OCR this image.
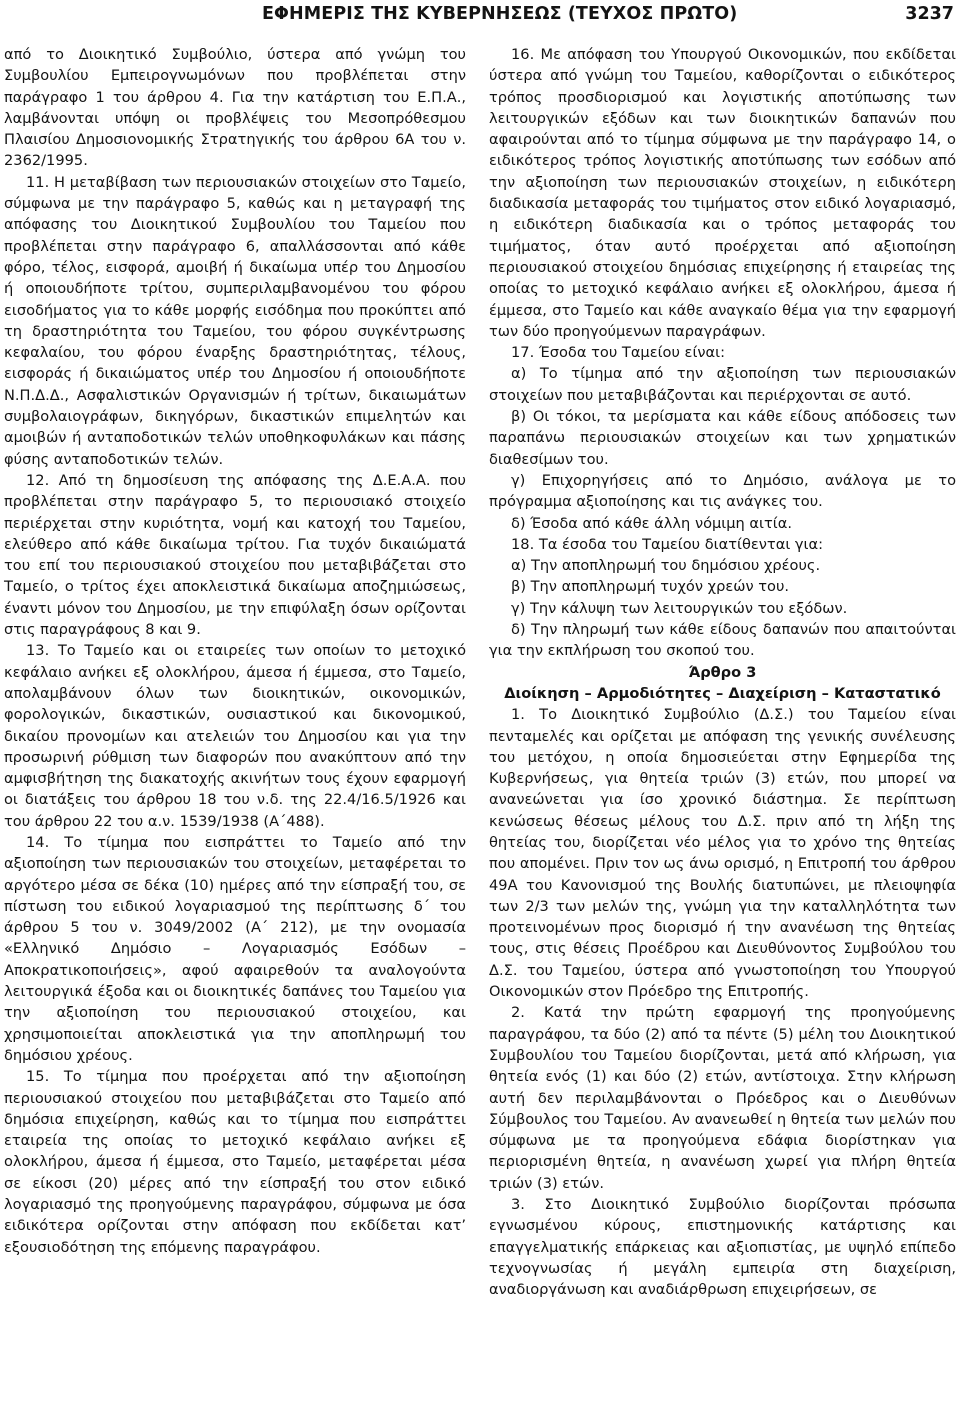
ΕΦΗΜΕΡΙΣ ΤΗΣ ΚΥΒΕΡΝΗΣΕΩΣ (ΤΕΥΧΟΣ ΠΡΩΤΟ)	3237

από το Διοικητικό Συμβούλιο, ύστερα από γνώμη του Συμβουλίου Εμπειρογνωμόνων που προβλέπεται στην παράγραφο 1 του άρθρου 4. Για την κατάρτιση του Ε.Π.Α., λαμβάνονται υπόψη οι προβλέψεις του Μεσοπρόθεσμου Πλαισίου Δημοσιονομικής Στρατηγικής του άρθρου 6Α του ν. 2362/1995.

11. Η μεταβίβαση των περιουσιακών στοιχείων στο Ταμείο, σύμφωνα με την παράγραφο 5, καθώς και η μεταγραφή της απόφασης του Διοικητικού Συμβουλίου του Ταμείου που προβλέπεται στην παράγραφο 6, απαλλάσσονται από κάθε φόρο, τέλος, εισφορά, αμοιβή ή δικαίωμα υπέρ του Δημοσίου ή οποιουδήποτε τρίτου, συμπεριλαμβανομένου του φόρου εισοδήματος για το κάθε μορφής εισόδημα που προκύπτει από τη δραστηριότητα του Ταμείου, του φόρου συγκέντρωσης κεφαλαίου, του φόρου έναρξης δραστηριότητας, τέλους, εισφοράς ή δικαιώματος υπέρ του Δημοσίου ή οποιουδήποτε Ν.Π.Δ.Δ., Ασφαλιστικών Οργανισμών ή τρίτων, δικαιωμάτων συμβολαιογράφων, δικηγόρων, δικαστικών επιμελητών και αμοιβών ή ανταποδοτικών τελών υποθηκοφυλάκων και πάσης φύσης ανταποδοτικών τελών.

12. Από τη δημοσίευση της απόφασης της Δ.Ε.Α.Α. που προβλέπεται στην παράγραφο 5, το περιουσιακό στοιχείο περιέρχεται στην κυριότητα, νομή και κατοχή του Ταμείου, ελεύθερο από κάθε δικαίωμα τρίτου. Για τυχόν δικαιώματά του επί του περιουσιακού στοιχείου που μεταβιβάζεται στο Ταμείο, ο τρίτος έχει αποκλειστικά δικαίωμα αποζημιώσεως, έναντι μόνον του Δημοσίου, με την επιφύλαξη όσων ορίζονται στις παραγράφους 8 και 9.

13. Το Ταμείο και οι εταιρείες των οποίων το μετοχικό κεφάλαιο ανήκει εξ ολοκλήρου, άμεσα ή έμμεσα, στο Ταμείο, απολαμβάνουν όλων των διοικητικών, οικονομικών, φορολογικών, δικαστικών, ουσιαστικού και δικονομικού, δικαίου προνομίων και ατελειών του Δημοσίου και για την προσωρινή ρύθμιση των διαφορών που ανακύπτουν από την αμφισβήτηση της διακατοχής ακινήτων τους έχουν εφαρμογή οι διατάξεις του άρθρου 18 του ν.δ. της 22.4/16.5/1926 και του άρθρου 22 του α.ν. 1539/1938 (Α΄488).

14. Το τίμημα που εισπράττει το Ταμείο από την αξιοποίηση των περιουσιακών του στοιχείων, μεταφέρεται το αργότερο μέσα σε δέκα (10) ημέρες από την είσπραξή του, σε πίστωση του ειδικού λογαριασμού της περίπτωσης δ΄ του άρθρου 5 του ν. 3049/2002 (Α΄ 212), με την ονομασία «Ελληνικό Δημόσιο – Λογαριασμός Εσόδων – Αποκρατικοποιήσεις», αφού αφαιρεθούν τα αναλογούντα λειτουργικά έξοδα και οι διοικητικές δαπάνες του Ταμείου για την αξιοποίηση του περιουσιακού στοιχείου, και χρησιμοποιείται αποκλειστικά για την αποπληρωμή του δημόσιου χρέους.

15. Το τίμημα που προέρχεται από την αξιοποίηση περιουσιακού στοιχείου που μεταβιβάζεται στο Ταμείο από δημόσια επιχείρηση, καθώς και το τίμημα που εισπράττει εταιρεία της οποίας το μετοχικό κεφάλαιο ανήκει εξ ολοκλήρου, άμεσα ή έμμεσα, στο Ταμείο, μεταφέρεται μέσα σε είκοσι (20) μέρες από την είσπραξή του στον ειδικό λογαριασμό της προηγούμενης παραγράφου, σύμφωνα με όσα ειδικότερα ορίζονται στην απόφαση που εκδίδεται κατ’ εξουσιοδότηση της επόμενης παραγράφου.

16. Με απόφαση του Υπουργού Οικονομικών, που εκδίδεται ύστερα από γνώμη του Ταμείου, καθορίζονται ο ειδικότερος τρόπος προσδιορισμού και λογιστικής αποτύπωσης των λειτουργικών εξόδων και των διοικητικών δαπανών που αφαιρούνται από το τίμημα σύμφωνα με την παράγραφο 14, ο ειδικότερος τρόπος λογιστικής αποτύπωσης των εσόδων από την αξιοποίηση των περιουσιακών στοιχείων, η ειδικότερη διαδικασία μεταφοράς του τιμήματος στον ειδικό λογαριασμό, η ειδικότερη διαδικασία και ο τρόπος μεταφοράς του τιμήματος, όταν αυτό προέρχεται από αξιοποίηση περιουσιακού στοιχείου δημόσιας επιχείρησης ή εταιρείας της οποίας το μετοχικό κεφάλαιο ανήκει εξ ολοκλήρου, άμεσα ή έμμεσα, στο Ταμείο και κάθε αναγκαίο θέμα για την εφαρμογή των δύο προηγούμενων παραγράφων.

17. Έσοδα του Ταμείου είναι:

α) Το τίμημα από την αξιοποίηση των περιουσιακών στοιχείων που μεταβιβάζονται και περιέρχονται σε αυτό.

β) Οι τόκοι, τα μερίσματα και κάθε είδους απόδοσεις των παραπάνω περιουσιακών στοιχείων και των χρηματικών διαθεσίμων του.

γ) Επιχορηγήσεις από το Δημόσιο, ανάλογα με το πρόγραμμα αξιοποίησης και τις ανάγκες του.

δ) Έσοδα από κάθε άλλη νόμιμη αιτία.

18. Τα έσοδα του Ταμείου διατίθενται για:

α) Την αποπληρωμή του δημόσιου χρέους.

β) Την αποπληρωμή τυχόν χρεών του.

γ) Την κάλυψη των λειτουργικών του εξόδων.

δ) Την πληρωμή των κάθε είδους δαπανών που απαιτούνται για την εκπλήρωση του σκοπού του.

Άρθρο 3

Διοίκηση – Αρμοδιότητες – Διαχείριση – Καταστατικό

1. Το Διοικητικό Συμβούλιο (Δ.Σ.) του Ταμείου είναι πενταμελές και ορίζεται με απόφαση της γενικής συνέλευσης του μετόχου, η οποία δημοσιεύεται στην Εφημερίδα της Κυβερνήσεως, για θητεία τριών (3) ετών, που μπορεί να ανανεώνεται για ίσο χρονικό διάστημα. Σε περίπτωση κενώσεως θέσεως μέλους του Δ.Σ. πριν από τη λήξη της θητείας του, διορίζεται νέο μέλος για το χρόνο της θητείας που απομένει. Πριν τον ως άνω ορισμό, η Επιτροπή του άρθρου 49Α του Κανονισμού της Βουλής διατυπώνει, με πλειοψηφία των 2/3 των μελών της, γνώμη για την καταλληλότητα των προτεινομένων προς διορισμό ή την ανανέωση της θητείας τους, στις θέσεις Προέδρου και Διευθύνοντος Συμβούλου του Δ.Σ. του Ταμείου, ύστερα από γνωστοποίηση του Υπουργού Οικονομικών στον Πρόεδρο της Επιτροπής.

2. Κατά την πρώτη εφαρμογή της προηγούμενης παραγράφου, τα δύο (2) από τα πέντε (5) μέλη του Διοικητικού Συμβουλίου του Ταμείου διορίζονται, μετά από κλήρωση, για θητεία ενός (1) και δύο (2) ετών, αντίστοιχα. Στην κλήρωση αυτή δεν περιλαμβάνονται ο Πρόεδρος και ο Διευθύνων Σύμβουλος του Ταμείου. Αν ανανεωθεί η θητεία των μελών που σύμφωνα με τα προηγούμενα εδάφια διορίστηκαν για περιορισμένη θητεία, η ανανέωση χωρεί για πλήρη θητεία τριών (3) ετών.

3. Στο Διοικητικό Συμβούλιο διορίζονται πρόσωπα εγνωσμένου κύρους, επιστημονικής κατάρτισης και επαγγελματικής επάρκειας και αξιοπιστίας, με υψηλό επίπεδο τεχνογνωσίας ή μεγάλη εμπειρία στη διαχείριση, αναδιοργάνωση και αναδιάρθρωση επιχειρήσεων, σε
